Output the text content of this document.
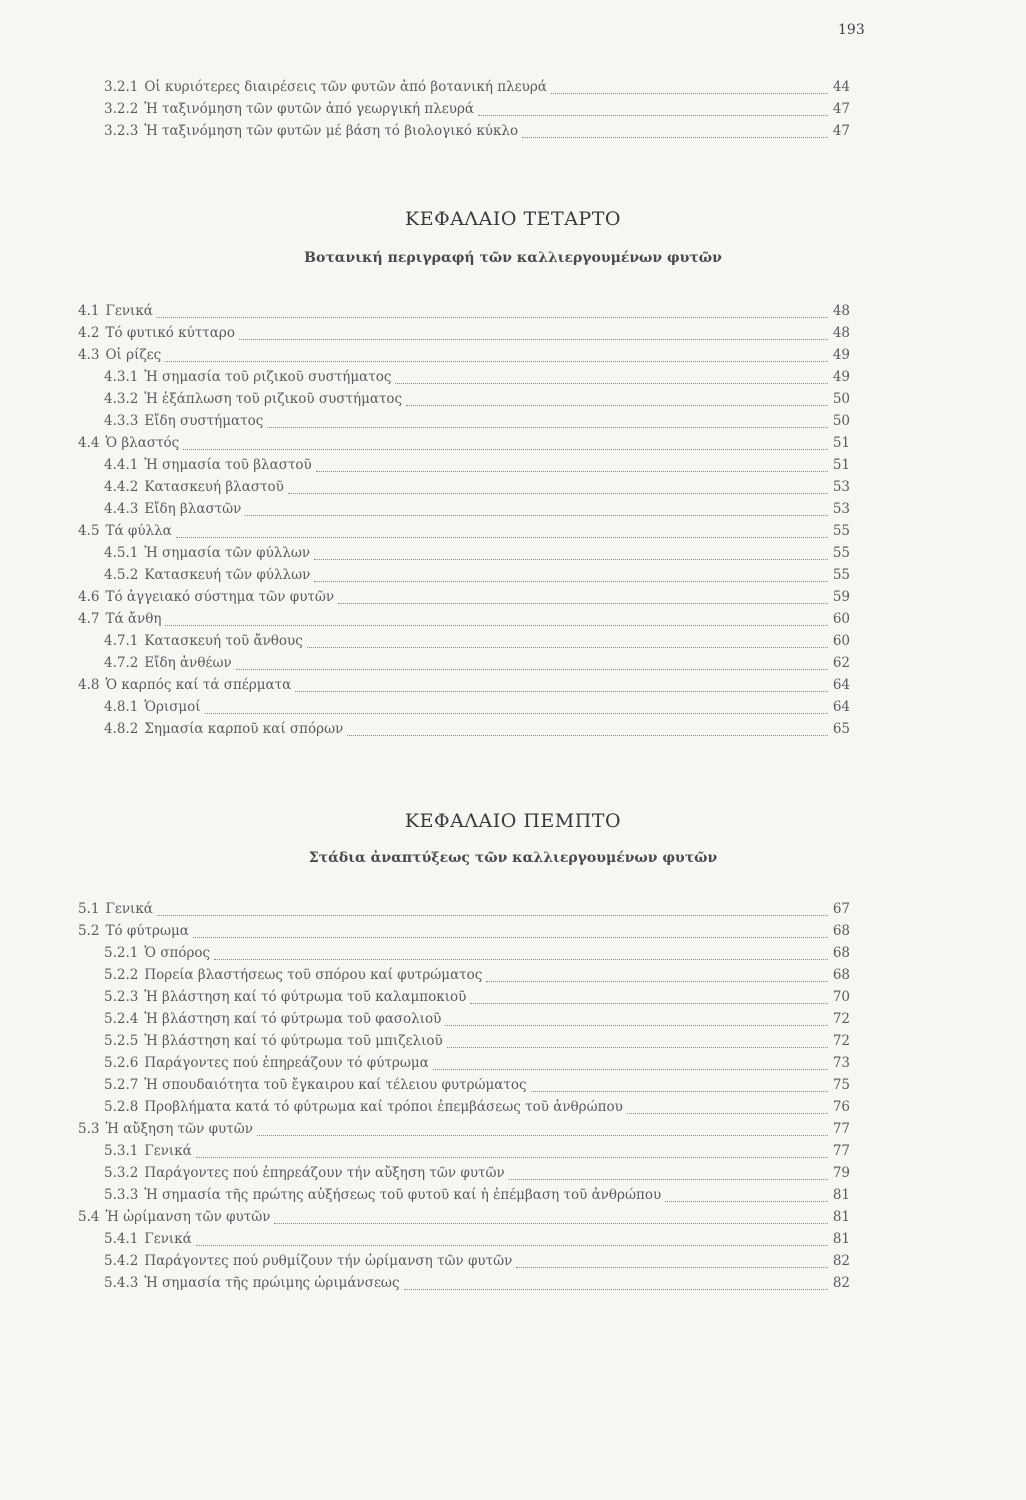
193
3.2.1 Οἱ κυριότερες διαιρέσεις τῶν φυτῶν ἀπό βοτανική πλευρά	44
3.2.2 Ἡ ταξινόμηση τῶν φυτῶν ἀπό γεωργική πλευρά	47
3.2.3 Ἡ ταξινόμηση τῶν φυτῶν μέ βάση τό βιολογικό κύκλο	47
ΚΕΦΑΛΑΙΟ ΤΕΤΑΡΤΟ
Βοτανική περιγραφή τῶν καλλιεργουμένων φυτῶν
4.1 Γενικά	48
4.2 Τό φυτικό κύτταρο	48
4.3 Οἱ ρίζες	49
4.3.1 Ἡ σημασία τοῦ ριζικοῦ συστήματος	49
4.3.2 Ἡ ἐξάπλωση τοῦ ριζικοῦ συστήματος	50
4.3.3 Εἴδη συστήματος	50
4.4 Ὁ βλαστός	51
4.4.1 Ἡ σημασία τοῦ βλαστοῦ	51
4.4.2 Κατασκευή βλαστοῦ	53
4.4.3 Εἴδη βλαστῶν	53
4.5 Τά φύλλα	55
4.5.1 Ἡ σημασία τῶν φύλλων	55
4.5.2 Κατασκευή τῶν φύλλων	55
4.6 Τό ἀγγειακό σύστημα τῶν φυτῶν	59
4.7 Τά ἄνθη	60
4.7.1 Κατασκευή τοῦ ἄνθους	60
4.7.2 Εἴδη ἀνθέων	62
4.8 Ὁ καρπός καί τά σπέρματα	64
4.8.1 Ὁρισμοί	64
4.8.2 Σημασία καρποῦ καί σπόρων	65
ΚΕΦΑΛΑΙΟ ΠΕΜΠΤΟ
Στάδια ἀναπτύξεως τῶν καλλιεργουμένων φυτῶν
5.1 Γενικά	67
5.2 Τό φύτρωμα	68
5.2.1 Ὁ σπόρος	68
5.2.2 Πορεία βλαστήσεως τοῦ σπόρου καί φυτρώματος	68
5.2.3 Ἡ βλάστηση καί τό φύτρωμα τοῦ καλαμποκιοῦ	70
5.2.4 Ἡ βλάστηση καί τό φύτρωμα τοῦ φασολιοῦ	72
5.2.5 Ἡ βλάστηση καί τό φύτρωμα τοῦ μπιζελιοῦ	72
5.2.6 Παράγοντες πού ἐπηρεάζουν τό φύτρωμα	73
5.2.7 Ἡ σπουδαιότητα τοῦ ἔγκαιρου καί τέλειου φυτρώματος	75
5.2.8 Προβλήματα κατά τό φύτρωμα καί τρόποι ἐπεμβάσεως τοῦ ἀνθρώπου	76
5.3 Ἡ αὔξηση τῶν φυτῶν	77
5.3.1 Γενικά	77
5.3.2 Παράγοντες πού ἐπηρεάζουν τήν αὔξηση τῶν φυτῶν	79
5.3.3 Ἡ σημασία τῆς πρώτης αὐξήσεως τοῦ φυτοῦ καί ἡ ἐπέμβαση τοῦ ἀνθρώπου	81
5.4 Ἡ ὡρίμανση τῶν φυτῶν	81
5.4.1 Γενικά	81
5.4.2 Παράγοντες πού ρυθμίζουν τήν ὡρίμανση τῶν φυτῶν	82
5.4.3 Ἡ σημασία τῆς πρώιμης ὡριμάνσεως	82
